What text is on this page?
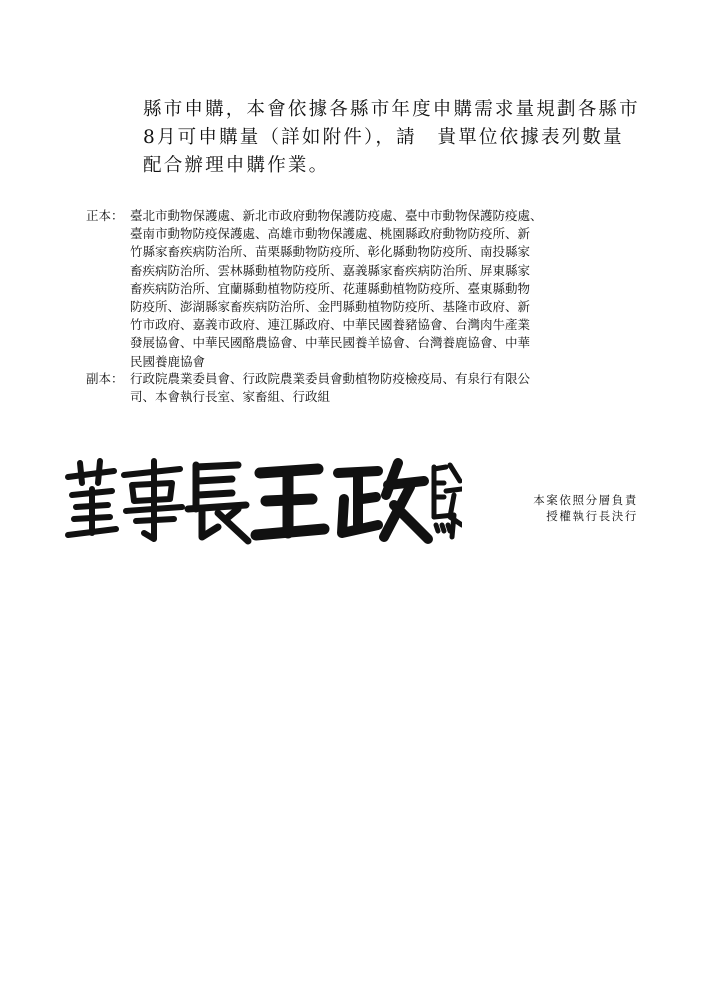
縣市申購，本會依據各縣市年度申購需求量規劃各縣市
8月可申購量（詳如附件），請　貴單位依據表列數量
配合辦理申購作業。
正本： 臺北市動物保護處、新北市政府動物保護防疫處、臺中市動物保護防疫處、
臺南市動物防疫保護處、高雄市動物保護處、桃園縣政府動物防疫所、新
竹縣家畜疾病防治所、苗栗縣動物防疫所、彰化縣動物防疫所、南投縣家
畜疾病防治所、雲林縣動植物防疫所、嘉義縣家畜疾病防治所、屏東縣家
畜疾病防治所、宜蘭縣動植物防疫所、花蓮縣動植物防疫所、臺東縣動物
防疫所、澎湖縣家畜疾病防治所、金門縣動植物防疫所、基隆市政府、新
竹市政府、嘉義市政府、連江縣政府、中華民國養豬協會、台灣肉牛產業
發展協會、中華民國酪農協會、中華民國養羊協會、台灣養鹿協會、中華
民國養鹿協會
副本： 行政院農業委員會、行政院農業委員會動植物防疫檢疫局、有泉行有限公
司、本會執行長室、家畜組、行政組
本案依照分層負責
授權執行長決行
